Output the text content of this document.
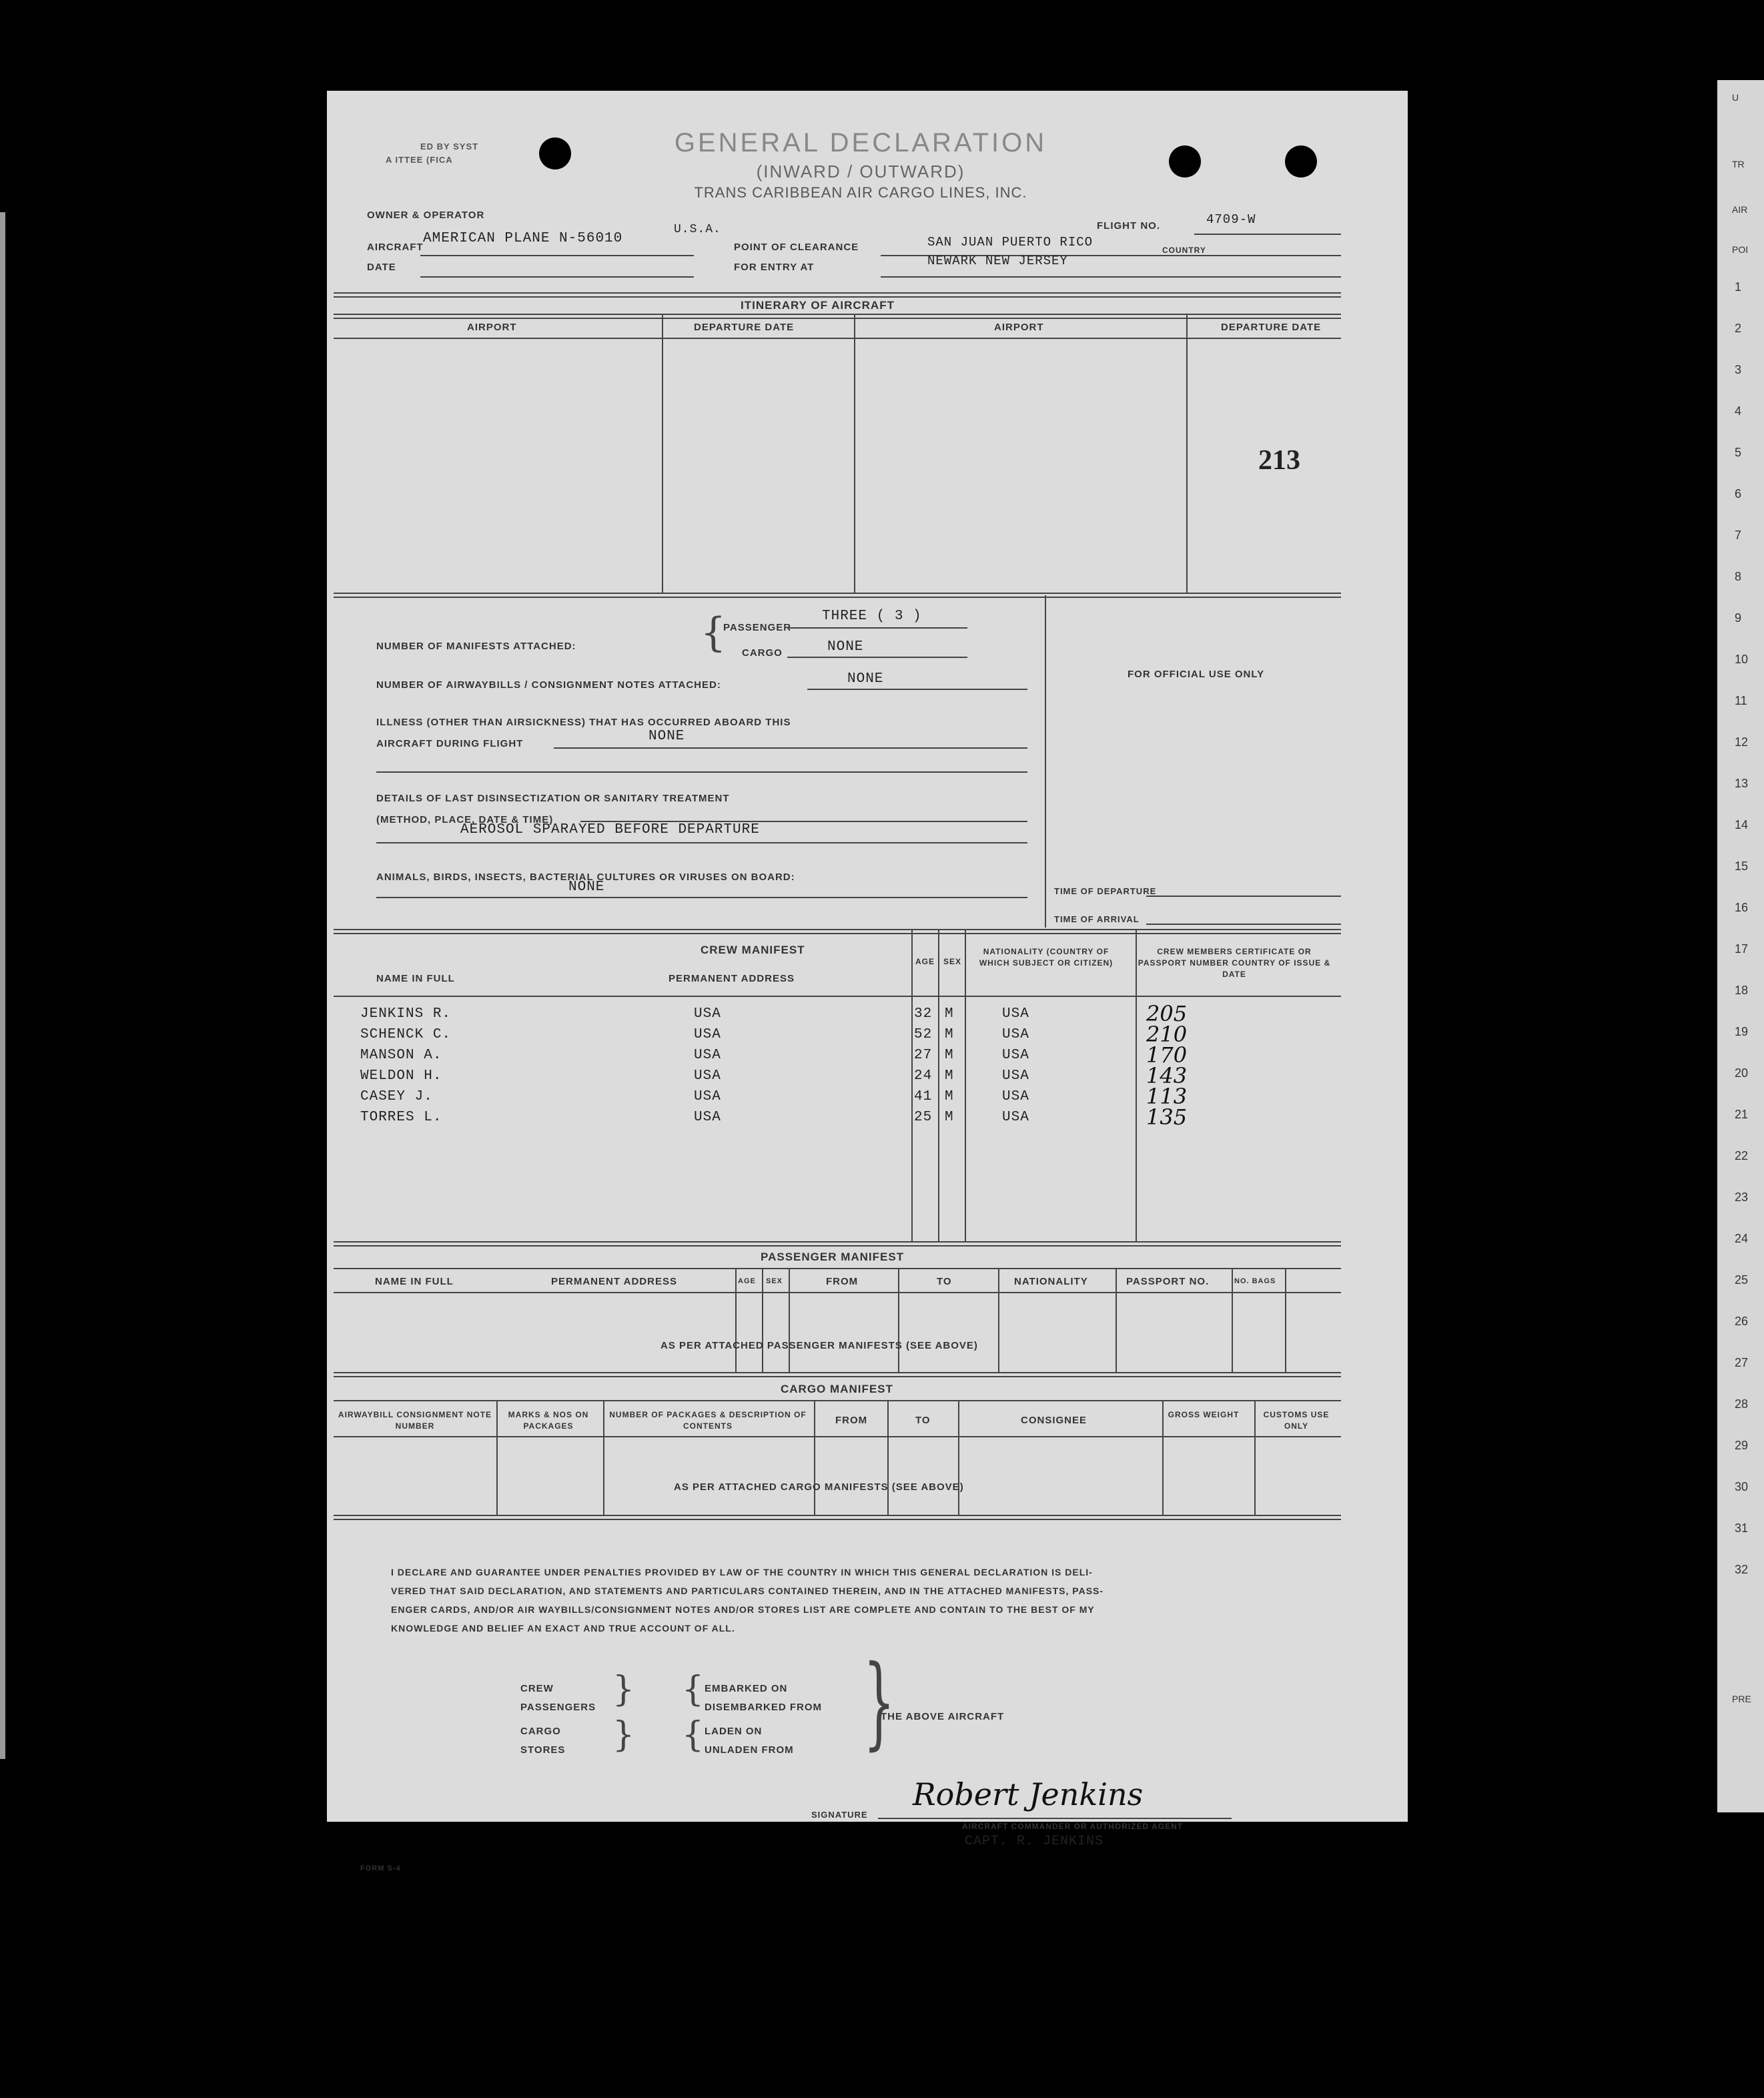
U
TR
AIR
POI
1
2
3
4
5
6
7
8
9
10
11
12
13
14
15
16
17
18
19
20
21
22
23
24
25
26
27
28
29
30
31
32
PRE
ED BY SYST
A ITTEE (FICA
GENERAL DECLARATION
(INWARD / OUTWARD)
TRANS CARIBBEAN AIR CARGO LINES, INC.
OWNER & OPERATOR
U.S.A.
AIRCRAFT
AMERICAN PLANE N-56010
DATE
FLIGHT NO.	4709-W
COUNTRY
POINT OF CLEARANCE	SAN JUAN PUERTO RICO
FOR ENTRY AT	NEWARK NEW JERSEY
ITINERARY OF AIRCRAFT
AIRPORT	DEPARTURE DATE	AIRPORT	DEPARTURE DATE
213
{
NUMBER OF MANIFESTS ATTACHED:
PASSENGER
THREE ( 3 )
CARGO	NONE
NUMBER OF AIRWAYBILLS / CONSIGNMENT NOTES ATTACHED:	NONE
ILLNESS (OTHER THAN AIRSICKNESS) THAT HAS OCCURRED ABOARD THIS
AIRCRAFT DURING FLIGHT	NONE
DETAILS OF LAST DISINSECTIZATION OR SANITARY TREATMENT
(METHOD, PLACE, DATE & TIME)
AEROSOL SPARAYED BEFORE DEPARTURE
ANIMALS, BIRDS, INSECTS, BACTERIAL CULTURES OR VIRUSES ON BOARD:
NONE
FOR OFFICIAL USE ONLY
TIME OF DEPARTURE
TIME OF ARRIVAL
CREW MANIFEST
NAME IN FULL	PERMANENT ADDRESS
AGE SEX
NATIONALITY (COUNTRY OF WHICH SUBJECT OR CITIZEN)
CREW MEMBERS CERTIFICATE OR PASSPORT NUMBER COUNTRY OF ISSUE & DATE
JENKINS R.	USA	32 M	USA	205
SCHENCK C.	USA	52 M	USA	210
MANSON A.	USA	27 M	USA	170
WELDON H.	USA	24 M	USA	143
CASEY J.	USA	41 M	USA	113
TORRES L.	USA	25 M	USA	135
PASSENGER MANIFEST
NAME IN FULL	PERMANENT ADDRESS	AGE SEX	FROM	TO	NATIONALITY	PASSPORT NO.	NO. BAGS
AS PER ATTACHED PASSENGER MANIFESTS (SEE ABOVE)
CARGO MANIFEST
AIRWAYBILL CONSIGNMENT NOTE NUMBER
MARKS & NOS ON PACKAGES
NUMBER OF PACKAGES & DESCRIPTION OF CONTENTS	FROM	TO	CONSIGNEE	GROSS WEIGHT	CUSTOMS USE ONLY
AS PER ATTACHED CARGO MANIFESTS (SEE ABOVE)
I DECLARE AND GUARANTEE UNDER PENALTIES PROVIDED BY LAW OF THE COUNTRY IN WHICH THIS GENERAL DECLARATION IS DELI-
VERED THAT SAID DECLARATION, AND STATEMENTS AND PARTICULARS CONTAINED THEREIN, AND IN THE ATTACHED MANIFESTS, PASS-
ENGER CARDS, AND/OR AIR WAYBILLS/CONSIGNMENT NOTES AND/OR STORES LIST ARE COMPLETE AND CONTAIN TO THE BEST OF MY
KNOWLEDGE AND BELIEF AN EXACT AND TRUE ACCOUNT OF ALL.
CREW
PASSENGERS
CARGO
STORES
}
}
{
{
EMBARKED ON
DISEMBARKED FROM
LADEN ON
UNLADEN FROM }
THE ABOVE AIRCRAFT
SIGNATURE
Robert Jenkins
AIRCRAFT COMMANDER OR AUTHORIZED AGENT
CAPT. R. JENKINS
FORM S-4
